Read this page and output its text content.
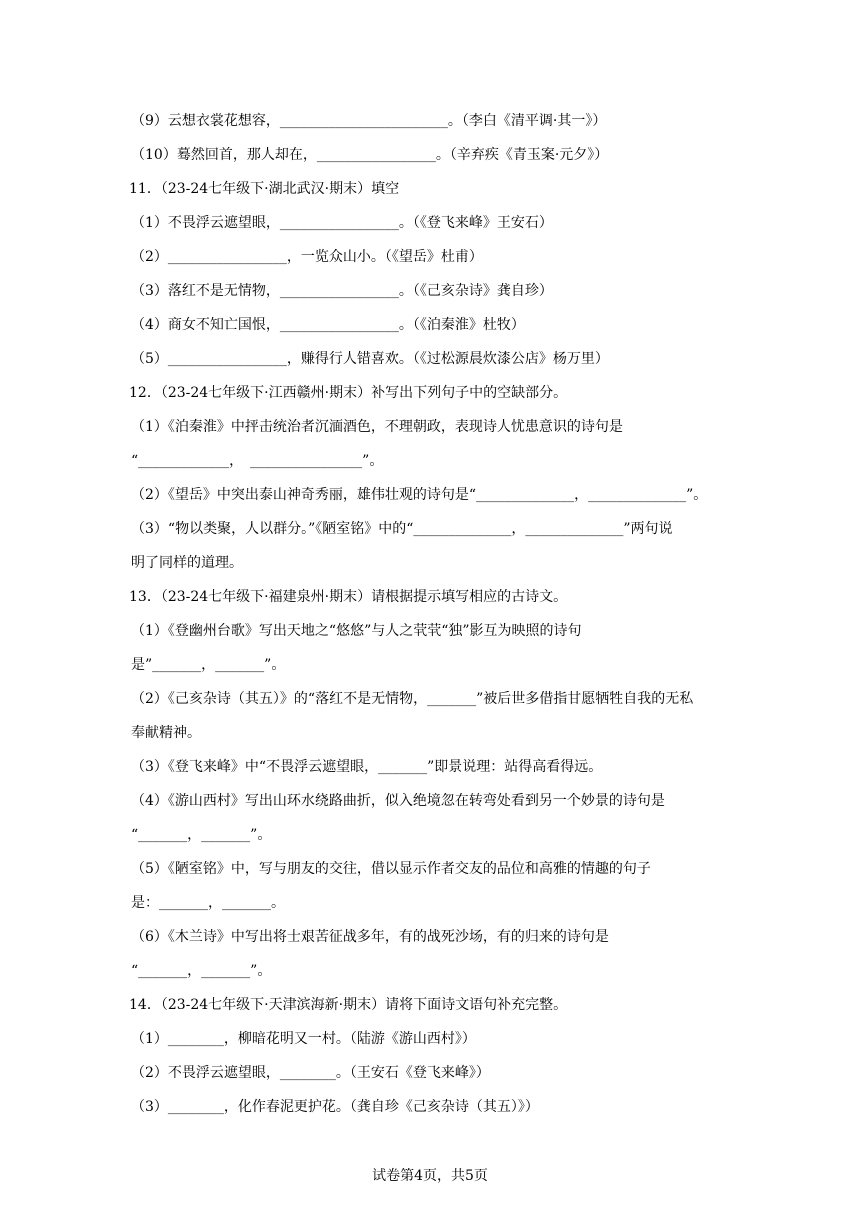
（9）云想衣裳花想容，________________________。（李白《清平调·其一》）
（10）蓦然回首，那人却在，_________________。（辛弃疾《青玉案·元夕》）
11．（23-24七年级下·湖北武汉·期末）填空
（1）不畏浮云遮望眼，_________________。（《登飞来峰》王安石）
（2）_________________，一览众山小。（《望岳》杜甫）
（3）落红不是无情物，_________________。（《己亥杂诗》龚自珍）
（4）商女不知亡国恨，_________________。（《泊秦淮》杜牧）
（5）_________________，赚得行人错喜欢。（《过松源晨炊漆公店》杨万里）
12．（23-24七年级下·江西赣州·期末）补写出下列句子中的空缺部分。
（1）《泊秦淮》中抨击统治者沉湎酒色，不理朝政，表现诗人忧患意识的诗句是
“_____________，　________________”。
（2）《望岳》中突出泰山神奇秀丽，雄伟壮观的诗句是“______________，______________”。
（3）“物以类聚，人以群分。”《陋室铭》中的“______________，______________”两句说
明了同样的道理。
13．（23-24七年级下·福建泉州·期末）请根据提示填写相应的古诗文。
（1）《登幽州台歌》写出天地之“悠悠”与人之茕茕“独”影互为映照的诗句
是”_______，_______”。
（2）《己亥杂诗（其五）》的“落红不是无情物，_______”被后世多借指甘愿牺牲自我的无私
奉献精神。
（3）《登飞来峰》中“不畏浮云遮望眼，_______”即景说理：站得高看得远。
（4）《游山西村》写出山环水绕路曲折，似入绝境忽在转弯处看到另一个妙景的诗句是
“_______，_______”。
（5）《陋室铭》中，写与朋友的交往，借以显示作者交友的品位和高雅的情趣的句子
是：_______，_______。
（6）《木兰诗》中写出将士艰苦征战多年，有的战死沙场，有的归来的诗句是
“_______，_______”。
14．（23-24七年级下·天津滨海新·期末）请将下面诗文语句补充完整。
（1）________，柳暗花明又一村。（陆游《游山西村》）
（2）不畏浮云遮望眼，________。（王安石《登飞来峰》）
（3）________，化作春泥更护花。（龚自珍《己亥杂诗（其五）》）
试卷第4页，共5页
